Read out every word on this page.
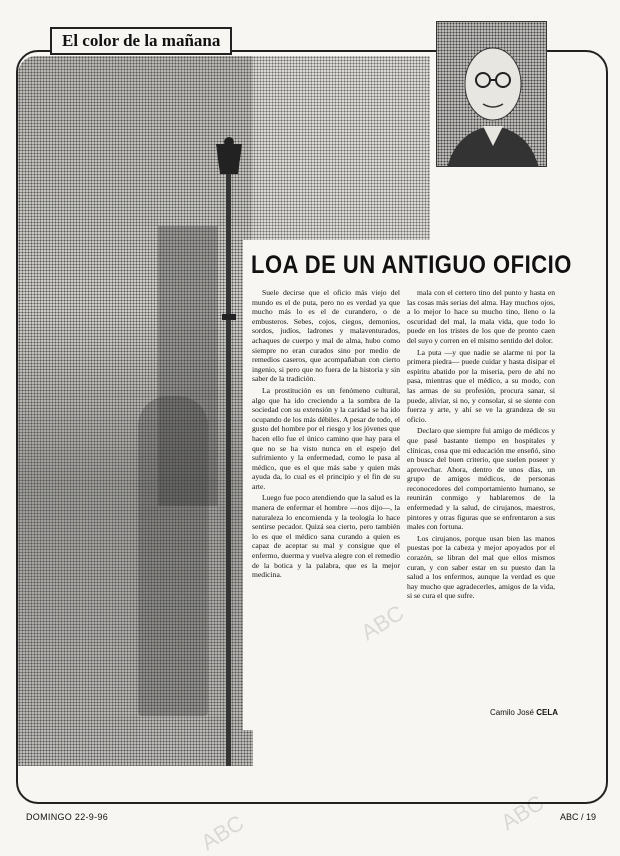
El color de la mañana
LOA DE UN ANTIGUO OFICIO

Suele decirse que el oficio más viejo del mundo es el de puta, pero no es verdad ya que mucho más lo es el de curandero, o de embusteros. Sebes, cojos, ciegos, demonios, sordos, judíos, ladrones y malaventurados, achaques de cuerpo y mal de alma, hubo como siempre no eran curados sino por medio de remedios caseros, que acompañaban con cierto ingenio, si pero que no fuera de la historia y sin saber de la tradición.

La prostitución es un fenómeno cultural, algo que ha ido creciendo a la sombra de la sociedad con su extensión y la caridad se ha ido ocupando de los más débiles. A pesar de todo, el gusto del hombre por el riesgo y los jóvenes que hacen ello fue el único camino que hay para el que no se ha visto nunca en el espejo del sufrimiento y la enfermedad, como le pasa al médico, que es el que más sabe y quien más ayuda da, lo cual es el principio y el fin de su arte.

Luego fue poco atendiendo que la salud es la manera de enfermar el hombre —nos dijo—, la naturaleza lo encomienda y la teología lo hace sentirse pecador. Quizá sea cierto, pero también lo es que el médico sana curando a quien es capaz de aceptar su mal y consigue que el enfermo, duerma y vuelva alegre con el remedio de la botica y la palabra, que es la mejor medicina.

mala con el certero tino del punto y hasta en las cosas más serias del alma. Hay muchos ojos, a lo mejor lo hace su mucho tino, lleno o la oscuridad del mal, la mala vida, que todo lo puede en los tristes de los que de pronto caen del suyo y corren en el mismo sentido del dolor.

La puta —y que nadie se alarme ni por la primera piedra— puede cuidar y hasta disipar el espíritu abatido por la miseria, pero de ahí no pasa, mientras que el médico, a su modo, con las armas de su profesión, procura sanar, si puede, aliviar, si no, y consolar, si se siente con fuerza y arte, y ahí se ve la grandeza de su oficio.

Declaro que siempre fui amigo de médicos y que pasé bastante tiempo en hospitales y clínicas, cosa que mi educación me enseñó, sino en busca del buen criterio, que suelen poseer y aprovechar. Ahora, dentro de unos días, un grupo de amigos médicos, de personas reconocedores del comportamiento humano, se reunirán conmigo y hablaremos de la enfermedad y la salud, de cirujanos, maestros, pintores y otras figuras que se enfrentaron a sus males con fortuna.

Los cirujanos, porque usan bien las manos puestas por la cabeza y mejor apoyados por el corazón, se libran del mal que ellos mismos curan, y con saber estar en su puesto dan la salud a los enfermos, aunque la verdad es que hay mucho que agradecerles, amigos de la vida, si se cura el que sufre.

Camilo José CELA
ABC
ABC	ABC
DOMINGO 22-9-96	ABC / 19
